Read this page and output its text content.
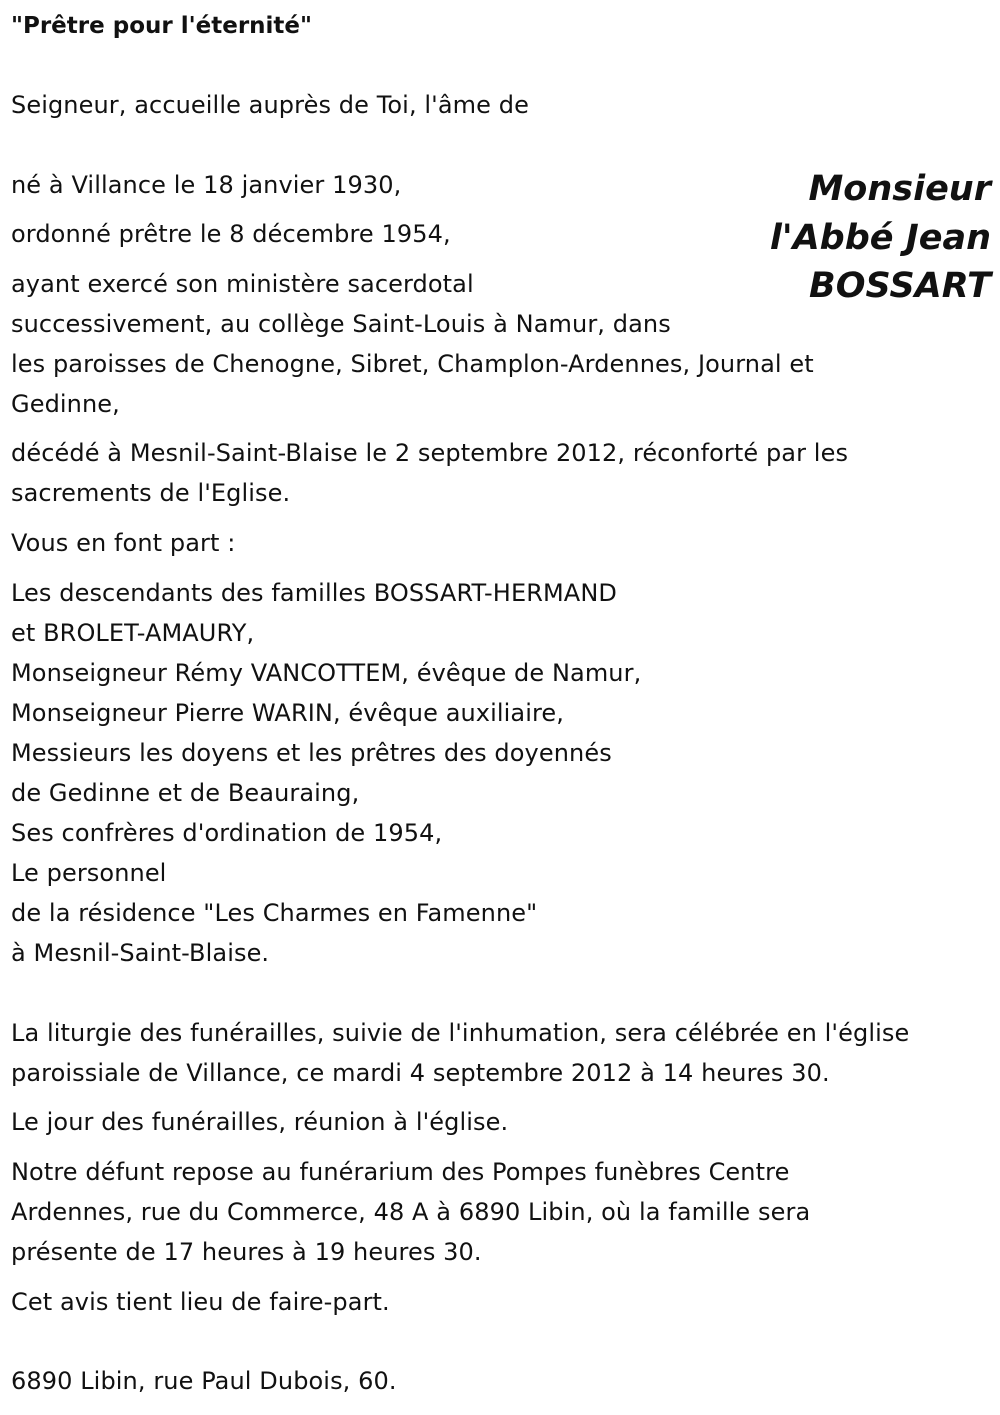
"Prêtre pour l'éternité"
Seigneur, accueille auprès de Toi, l'âme de
Monsieur
l'Abbé Jean
BOSSART
né à Villance le 18 janvier 1930,
ordonné prêtre le 8 décembre 1954,
ayant exercé son ministère sacerdotal
successivement, au collège Saint-Louis à Namur, dans
les paroisses de Chenogne, Sibret, Champlon-Ardennes, Journal et
Gedinne,
décédé à Mesnil-Saint-Blaise le 2 septembre 2012, réconforté par les
sacrements de l'Eglise.
Vous en font part :
Les descendants des familles BOSSART-HERMAND
et BROLET-AMAURY,
Monseigneur Rémy VANCOTTEM, évêque de Namur,
Monseigneur Pierre WARIN, évêque auxiliaire,
Messieurs les doyens et les prêtres des doyennés
de Gedinne et de Beauraing,
Ses confrères d'ordination de 1954,
Le personnel
de la résidence "Les Charmes en Famenne"
à Mesnil-Saint-Blaise.
La liturgie des funérailles, suivie de l'inhumation, sera célébrée en l'église
paroissiale de Villance, ce mardi 4 septembre 2012 à 14 heures 30.
Le jour des funérailles, réunion à l'église.
Notre défunt repose au funérarium des Pompes funèbres Centre
Ardennes, rue du Commerce, 48 A à 6890 Libin, où la famille sera
présente de 17 heures à 19 heures 30.
Cet avis tient lieu de faire-part.
6890 Libin, rue Paul Dubois, 60.
